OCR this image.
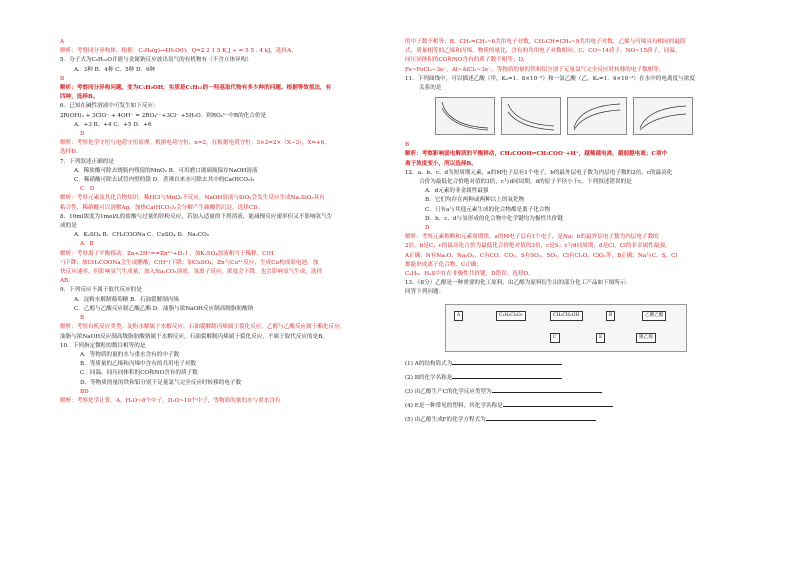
A
解析：考察同分异构体。根据：C₃H₈(g)→4H₂O(l)，Q=2 2 1 5 K J ÷ = 5 5 . 4 kJ，选择A。
5．分子式为C₅H₁₀O并能与金属钠反应放出氢气的有机物有（不含立体异构）
A．3种 B．4种 C．5种 D．6种
B
解析：考察同分异构问题。变为C₅H₉OH，实质是C₅H₁₂的一羟基取代物有多少种的问题。根据等效氢法，有
四种，选择B。
6．已知在碱性溶液中可发生如下反应：
2R(OH)₃ + 3ClO⁻ + 4OH⁻ = 2RO₄ⁿ⁻+3Cl⁻ +5H₂O。则RO₄ⁿ⁻中R的化合价是
A．+3 B．+4 C．+5 D．+6
D
解析：考察化学守恒与电荷守恒原理。根据电荷守恒，n=2，在根据电荷守恒：3×2=2×（X−3），X=+6，
选择D。
7．下列叙述正确的是
A．稀盐酸可除去烧瓶内残留的MnO₂ B．可用磨口玻璃瓶保存NaOH溶液
C．稀硝酸可除去试管内壁的银 D．煮沸自来水可除去其中的Ca(HCO₃)₂
C．D
解析：考察元素及其化合物知识。稀HCl与MnO₂不反应，NaOH溶液与SiO₂会发生反应生成Na₂SiO₃具有
粘合性，稀硝酸可以溶解Ag，加热Ca(HCO₃)₂会分解产生碳酸钙沉淀。选择CD。
8．10ml浓度为1mol/L的盐酸与过量的锌粉反应，若加入适量的下列溶液，能减慢反应速率但又不影响氢气生
成的是
A．K₂SO₄ B．CH₃COONa C．CuSO₄ D．Na₂CO₃
A．B
解析：考察离子平衡移动。Zn+2H⁺==Zn²⁺+H₂↑，加K₂SO₄溶液相当于稀释，C(H
⁺)下降；加CH₃COONa会生成醋酸，C(H⁺)下降；加CuSO₄，Zn与Cu²⁺反应，生成Cu构成原电池，加
快反应速率，但影响氢气生成量；加入Na₂CO₃溶液，氢离子反应，浓度会下降，也会影响氢气生成，选择
AB。
9．下列反应不属于取代反应的是
A．淀粉水解制葡萄糖 B．石油裂解制丙烯
C．乙醇与乙酸反应制乙酸乙酯 D．油脂与浓NaOH反应制高级脂肪酸钠
B
解析：考察有机反应类型。淀粉水解属于水解反应，石油裂解制丙烯属于裂化反应，乙醇与乙酸反应属于酯化反应，
油脂与浓NaOH反应制高级脂肪酸钠属于水解反应，石油裂解制丙烯属于裂化反应，不属于取代反应的是B。
10．下列指定微粒的数目相等的是
A．等物质的量的水与重水含有的中子数
B．等质量的乙烯和丙烯中含有的共用电子对数
C．同温、同压同体积的CO和NO含有的质子数
D．等物质的量的铁和铝分别于足量氯气完全反应时转移的电子数
BD
解析：考察化学计算。A，H₂O~8个中子，D₂O~10个中子，等物质的量的水与重水含有
的中子数不相等；B，CH₂=CH₂~6共用电子对数，CH₃CH=CH₂~9共用电子对数，乙烯与丙烯具有相同的最简
式，质量相等的乙烯和丙烯，物质的量比，含有的共用电子对数相同；C，CO~14质子，NO~15质子，同温、
同压同体积的CO和NO含有的质子数不相等；D，
Fe~FeCl₃~3e⁻，Al~AlCl₃~3e⁻，等物质的量的铁和铝分别于足量氯气完全反应时转移的电子数相等。
11．下列曲线中，可以描述乙酸（甲，Kₐ=1．8×10⁻⁵）和一氯乙酸（乙，Kₐ=1．4×10⁻³）在水中的电离度与浓度
关系的是
B
解析：考察影响弱电解质的平衡移动，CH₃COOH⇌CH₃COO⁻+H⁺，越稀越电离，越弱越电离；C项中
离子浓度变小，所以选择B。
12．a、b、c、d为短周期元素，a的M电子层有1个电子，b的最外层电子数为内层电子数的2倍，c的最高化
合价为最低化合价绝对值的3倍，c与d同周期，d的原子半径小于c。下列叙述错误的是
A．d元素的非金属性最强
B．它们均存在两种或两种以上的氧化物
C．只有a与其他元素生成的化合物都是离子化合物
D．b、c、d与氢形成的化合物中化学键均为极性共价键
D
解析：考察元素推断和元素周期律。a的M电子层有1个电子，是Na；b的最外层电子数为内层电子数的
2倍，b是C；c的最高化合价为最低化合价绝对值的3倍，c是S；c与d同周期，d是Cl。Cl的非金属性最强，
A正确；N有Na₂O、Na₂O₂，C有CO、CO₂，S有SO₂、SO₃，Cl有Cl₂O、ClO₂等，B正确；Na与C、S、Cl
都能形成离子化合物，C正确；
C₂H₆、H₂S中存在非极性共价键，D错误。选择D。
13．（8分）乙醇是一种重要的化工原料，由乙醇为原料衍生出的部分化工产品如下图所示：
回答下列问题：
A	C₂H₂Cl₂O₂	CH₃CH₂OH	B	乙酸乙酯
C	E	聚乙烯
(1) A的结构简式为
(2) B的化学名称是
(3) 由乙醇生产C的化学反应类型为
(4) E是一种常见的塑料，其化学名称是
(5) 由乙醇生成F的化学方程式为
